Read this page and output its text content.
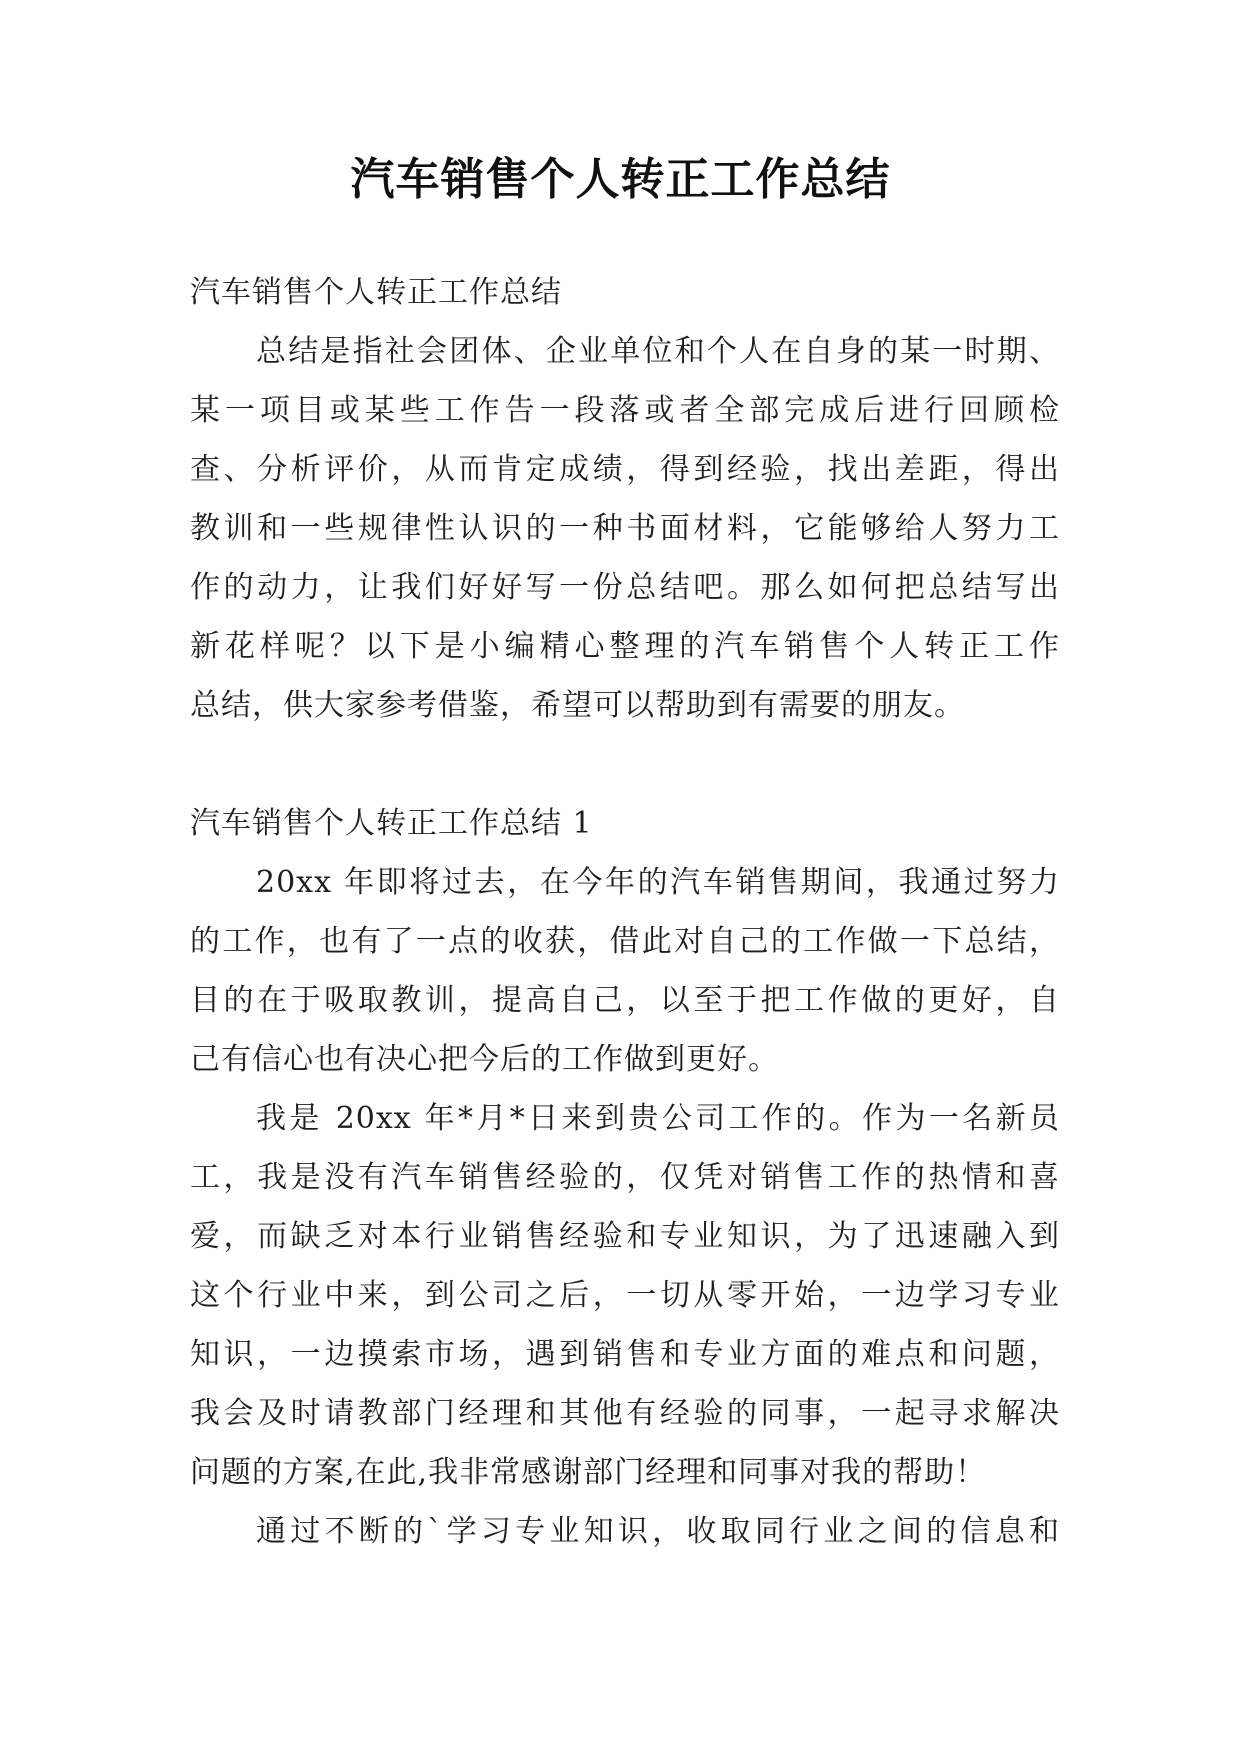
汽车销售个人转正工作总结
汽车销售个人转正工作总结
总结是指社会团体、企业单位和个人在自身的某一时期、
某一项目或某些工作告一段落或者全部完成后进行回顾检
查、分析评价，从而肯定成绩，得到经验，找出差距，得出
教训和一些规律性认识的一种书面材料，它能够给人努力工
作的动力，让我们好好写一份总结吧。那么如何把总结写出
新花样呢？以下是小编精心整理的汽车销售个人转正工作
总结，供大家参考借鉴，希望可以帮助到有需要的朋友。
汽车销售个人转正工作总结 1
20xx 年即将过去，在今年的汽车销售期间，我通过努力
的工作，也有了一点的收获，借此对自己的工作做一下总结，
目的在于吸取教训，提高自己，以至于把工作做的更好，自
己有信心也有决心把今后的工作做到更好。
我是 20xx 年*月*日来到贵公司工作的。作为一名新员
工，我是没有汽车销售经验的，仅凭对销售工作的热情和喜
爱，而缺乏对本行业销售经验和专业知识，为了迅速融入到
这个行业中来，到公司之后，一切从零开始，一边学习专业
知识，一边摸索市场，遇到销售和专业方面的难点和问题，
我会及时请教部门经理和其他有经验的同事，一起寻求解决
问题的方案,在此,我非常感谢部门经理和同事对我的帮助！
通过不断的`学习专业知识，收取同行业之间的信息和
